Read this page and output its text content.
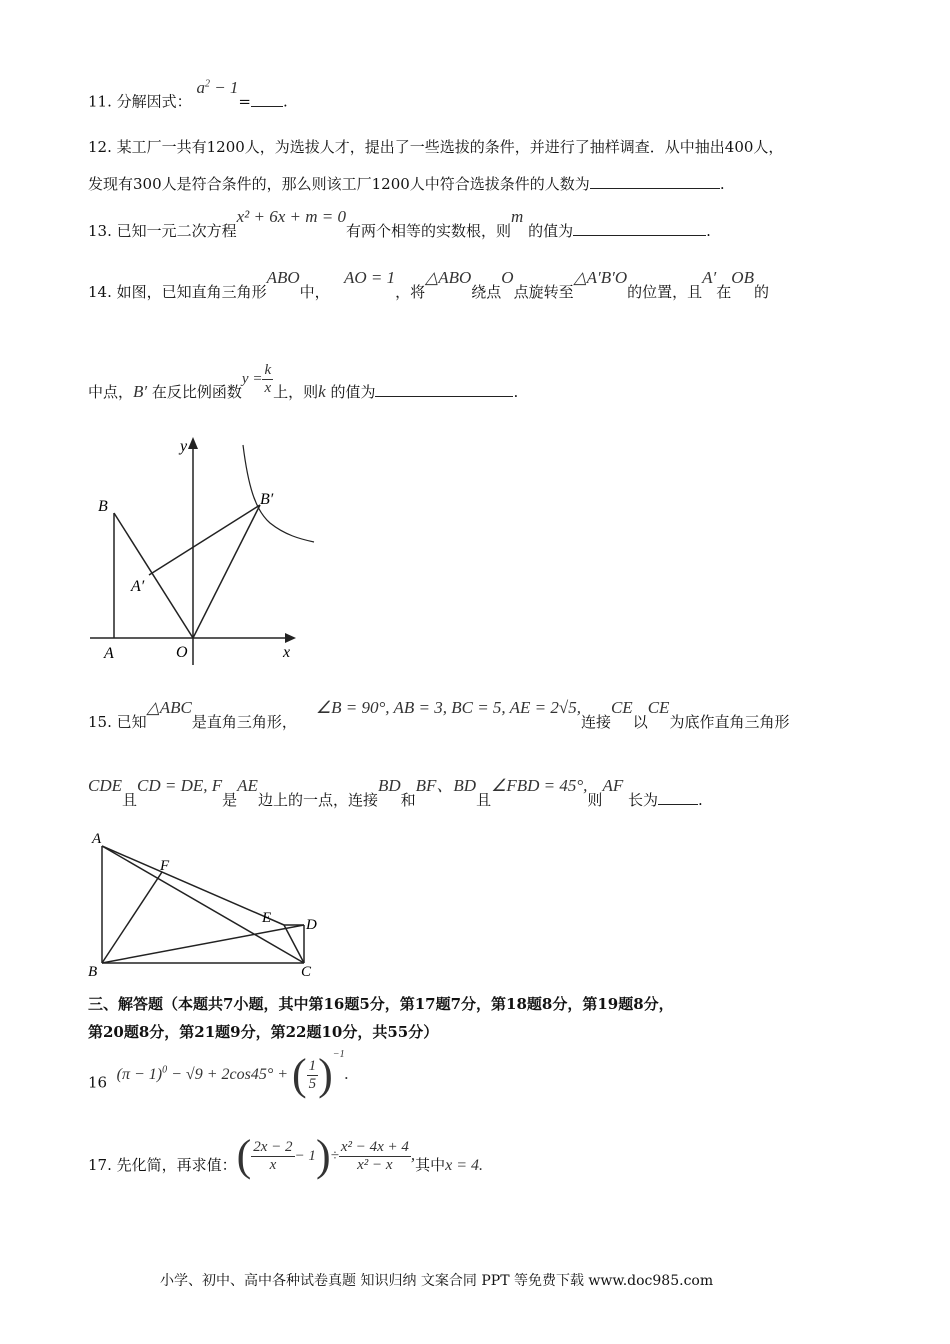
11. 分解因式： $a^2 - 1=$ .
12. 某工厂一共有1200人，为选拔人才，提出了一些选拔的条件，并进行了抽样调查．从中抽出400人，
发现有300人是符合条件的，那么则该工厂1200人中符合选拔条件的人数为	.
13. 已知一元二次方程x² + 6x + m = 0有两个相等的实数根，则m 的值为	.
14. 如图，已知直角三角形ABO中，   AO = 1，将△ABO绕点O点旋转至△A′B′O的位置，且A′在OB的
中点，B′ 在反比例函数$y = \frac{k}{x}$ 上，则k 的值为	.
y
x
B	B′
A′
A	O
15. 已知△ABC是直角三角形，    ∠B = 90°, AB = 3, BC = 5, AE = 2√5,连接CE以CE为底作直角三角形
CDE且CD = DE, F是AE边上的一点，连接BD和BF、BD且∠FBD = 45°,则AF 长为	.
A
F
E D
B	C
三、解答题（本题共7小题，其中第16题5分，第17题7分，第18题8分，第19题8分，
第20题8分，第21题9分，第22题10分，共55分）
16 $(\pi - 1)^0 - √9 + 2\cos 45^\circ$ + ( $\frac{1}{5} )^{-1}$.
17. 先化简，再求值：( $\frac{2x - 2}{x} - 1)\div \frac{\text{x² − 4x + 4}}{\text{x² − x}}$ ,其中x = 4.
小学、初中、高中各种试卷真题 知识归纳 文案合同 PPT 等免费下载 www.doc985.com
